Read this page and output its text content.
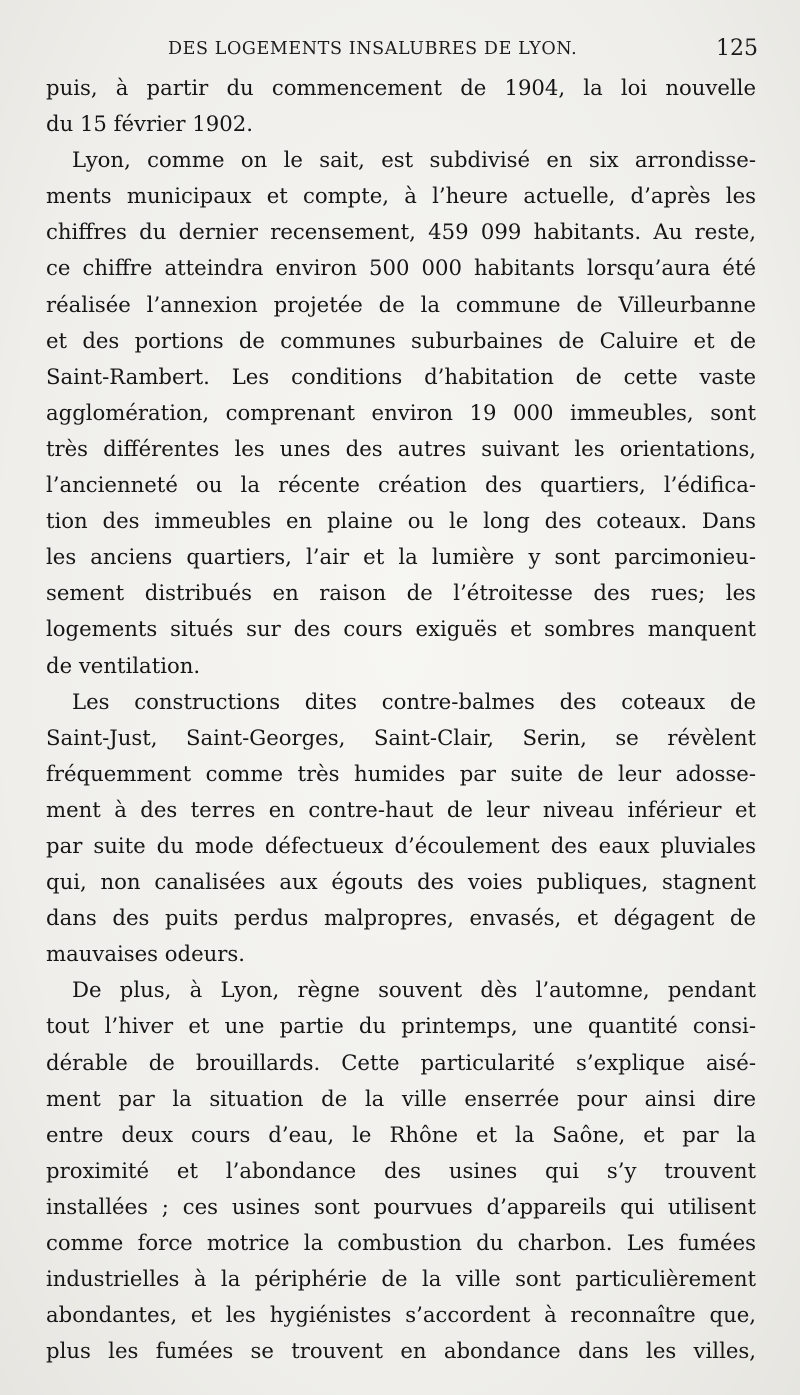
DES LOGEMENTS INSALUBRES DE LYON.	125
puis, à partir du commencement de 1904, la loi nouvelle
du 15 février 1902.
Lyon, comme on le sait, est subdivisé en six arrondisse-
ments municipaux et compte, à l’heure actuelle, d’après les
chiffres du dernier recensement, 459 099 habitants. Au reste,
ce chiffre atteindra environ 500 000 habitants lorsqu’aura été
réalisée l’annexion projetée de la commune de Villeurbanne
et des portions de communes suburbaines de Caluire et de
Saint-Rambert. Les conditions d’habitation de cette vaste
agglomération, comprenant environ 19 000 immeubles, sont
très différentes les unes des autres suivant les orientations,
l’ancienneté ou la récente création des quartiers, l’édifica-
tion des immeubles en plaine ou le long des coteaux. Dans
les anciens quartiers, l’air et la lumière y sont parcimonieu-
sement distribués en raison de l’étroitesse des rues; les
logements situés sur des cours exiguës et sombres manquent
de ventilation.
Les constructions dites contre-balmes des coteaux de
Saint-Just, Saint-Georges, Saint-Clair, Serin, se révèlent
fréquemment comme très humides par suite de leur adosse-
ment à des terres en contre-haut de leur niveau inférieur et
par suite du mode défectueux d’écoulement des eaux pluviales
qui, non canalisées aux égouts des voies publiques, stagnent
dans des puits perdus malpropres, envasés, et dégagent de
mauvaises odeurs.
De plus, à Lyon, règne souvent dès l’automne, pendant
tout l’hiver et une partie du printemps, une quantité consi-
dérable de brouillards. Cette particularité s’explique aisé-
ment par la situation de la ville enserrée pour ainsi dire
entre deux cours d’eau, le Rhône et la Saône, et par la
proximité et l’abondance des usines qui s’y trouvent
installées ; ces usines sont pourvues d’appareils qui utilisent
comme force motrice la combustion du charbon. Les fumées
industrielles à la périphérie de la ville sont particulièrement
abondantes, et les hygiénistes s’accordent à reconnaître que,
plus les fumées se trouvent en abondance dans les villes,
